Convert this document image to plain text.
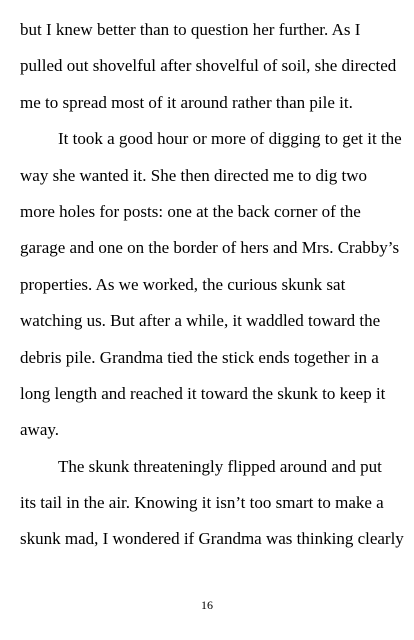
but I knew better than to question her further. As I
pulled out shovelful after shovelful of soil, she directed
me to spread most of it around rather than pile it.
It took a good hour or more of digging to get it the
way she wanted it. She then directed me to dig two
more holes for posts: one at the back corner of the
garage and one on the border of hers and Mrs. Crabby’s
properties. As we worked, the curious skunk sat
watching us. But after a while, it waddled toward the
debris pile. Grandma tied the stick ends together in a
long length and reached it toward the skunk to keep it
away.
The skunk threateningly flipped around and put
its tail in the air. Knowing it isn’t too smart to make a
skunk mad, I wondered if Grandma was thinking clearly
16
